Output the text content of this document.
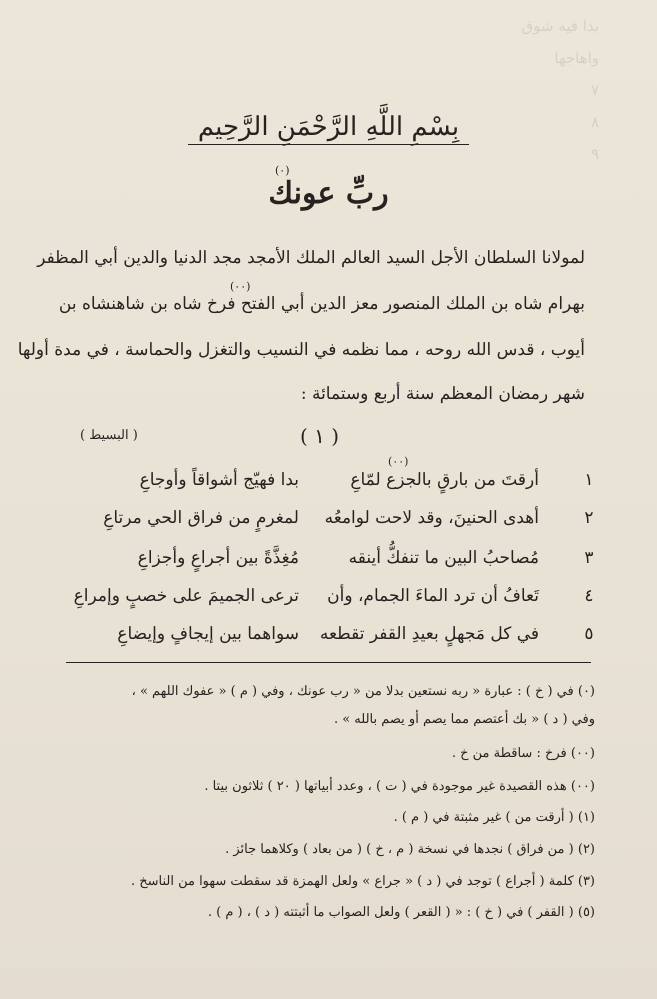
بدا فيه شوق
واهاجها
٧
٨
٩
بِسْمِ اللَّهِ الرَّحْمَنِ الرَّحِيم
(٠)
ربِّ عونك
لمولانا السلطان الأجل السيد العالم الملك الأمجد مجد الدنيا والدين أبي المظفر
بهرام شاه بن الملك المنصور معز الدين أبي الفتح فرخ شاه بن شاهنشاه بن
أيوب ، قدس الله روحه ، مما نظمه في النسيب والتغزل والحماسة ، في مدة أولها
شهر رمضان المعظم سنة أربع وستمائة :
(٠٠)
( ١ )
( البسيط )
(٠٠)
١
أرقتَ من بارقٍ بالجزع لمّاعِ
بدا فهيّج أشواقاً وأوجاعِ
٢
أهدى الحنينَ، وقد لاحت لوامعُه
لمغرمٍ من فراق الحي مرتاعِ
٣
مُصاحبُ البين ما تنفكُّ أينقه
مُغِذَّةً بين أجراعٍ وأجزاعِ
٤
تَعافُ أن ترد الماءَ الجمام، وأن
ترعى الجميمَ على خصبٍ وإمراعِ
٥
في كل مَجهلٍ بعيدِ القفر تقطعه
سواهما بين إيجافٍ وإيضاعِ
(٠) في ( خ ) : عبارة « ربه نستعين بدلا من « رب عونك ، وفي ( م ) « عفوك اللهم » ،
وفي ( د ) « بك أعتصم مما يصم أو يصم بالله » .
(٠٠) فرخ : ساقطة من خ .
(٠٠) هذه القصيدة غير موجودة في ( ت ) ، وعدد أبياتها ( ٢٠ ) ثلاثون بيتا .
(١) ( أرقت من ) غير مثبتة في ( م ) .
(٢) ( من فراق ) نجدها في نسخة ( م ، خ ) ( من بعاد ) وكلاهما جائز .
(٣) كلمة ( أجراع ) توجد في ( د ) « جراع » ولعل الهمزة قد سقطت سهوا من الناسخ .
(٥) ( القفر ) في ( خ ) : « ( القعر ) ولعل الصواب ما أثبتته ( د ) ، ( م ) .
